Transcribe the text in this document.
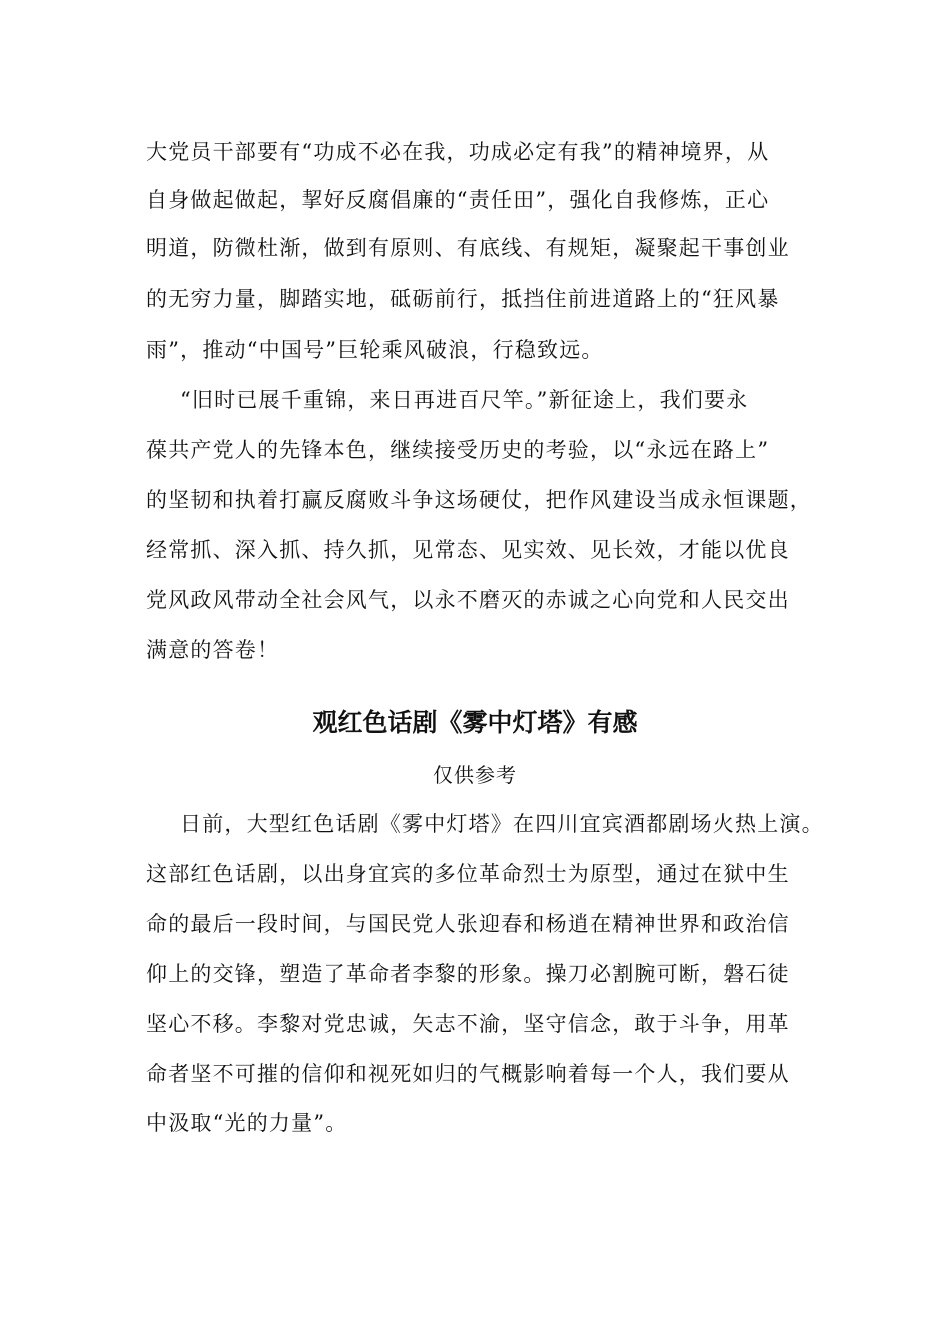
大党员干部要有“功成不必在我，功成必定有我”的精神境界，从
自身做起做起，挈好反腐倡廉的“责任田”，强化自我修炼，正心
明道，防微杜渐，做到有原则、有底线、有规矩，凝聚起干事创业
的无穷力量，脚踏实地，砥砺前行，抵挡住前进道路上的“狂风暴
雨”，推动“中国号”巨轮乘风破浪，行稳致远。
“旧时已展千重锦，来日再进百尺竿。”新征途上，我们要永
葆共产党人的先锋本色，继续接受历史的考验，以“永远在路上”
的坚韧和执着打赢反腐败斗争这场硬仗，把作风建设当成永恒课题，
经常抓、深入抓、持久抓，见常态、见实效、见长效，才能以优良
党风政风带动全社会风气，以永不磨灭的赤诚之心向党和人民交出
满意的答卷！
观红色话剧《雾中灯塔》有感
仅供参考
日前，大型红色话剧《雾中灯塔》在四川宜宾酒都剧场火热上演。
这部红色话剧，以出身宜宾的多位革命烈士为原型，通过在狱中生
命的最后一段时间，与国民党人张迎春和杨逍在精神世界和政治信
仰上的交锋，塑造了革命者李黎的形象。操刀必割腕可断，磐石徒
坚心不移。李黎对党忠诚，矢志不渝，坚守信念，敢于斗争，用革
命者坚不可摧的信仰和视死如归的气概影响着每一个人，我们要从
中汲取“光的力量”。
